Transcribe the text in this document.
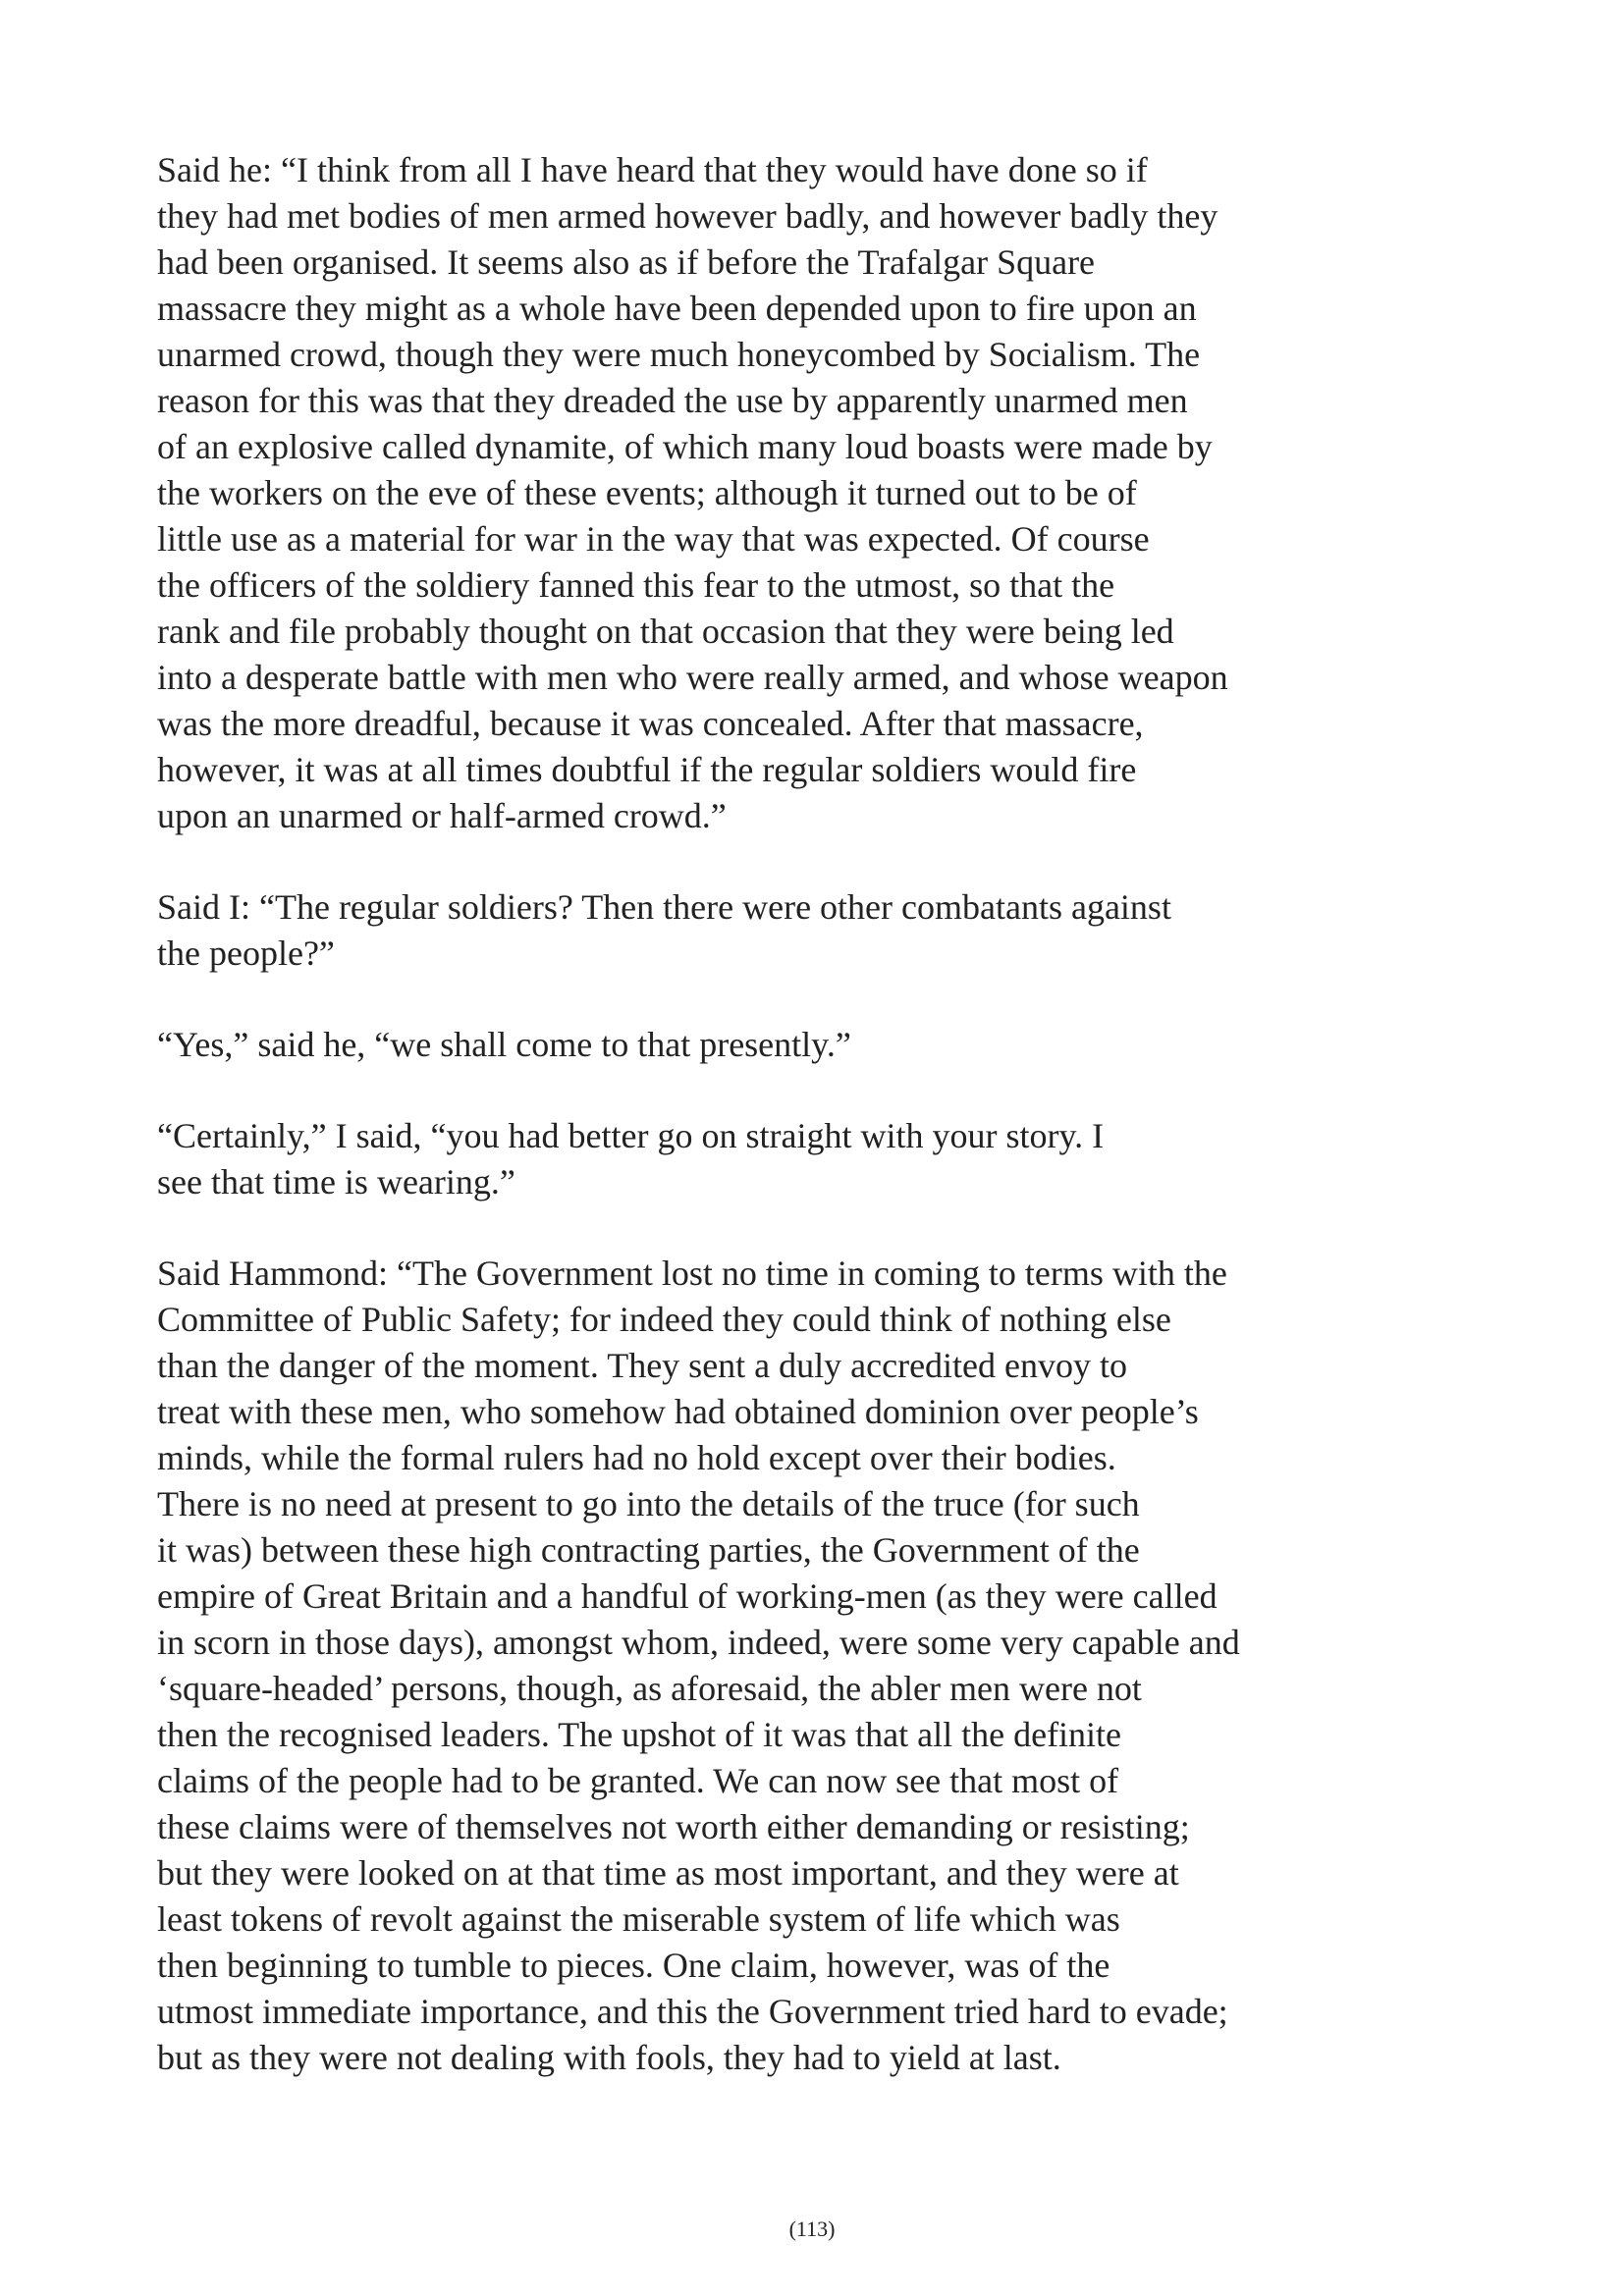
Said he: “I think from all I have heard that they would have done so if
they had met bodies of men armed however badly, and however badly they
had been organised. It seems also as if before the Trafalgar Square
massacre they might as a whole have been depended upon to fire upon an
unarmed crowd, though they were much honeycombed by Socialism. The
reason for this was that they dreaded the use by apparently unarmed men
of an explosive called dynamite, of which many loud boasts were made by
the workers on the eve of these events; although it turned out to be of
little use as a material for war in the way that was expected. Of course
the officers of the soldiery fanned this fear to the utmost, so that the
rank and file probably thought on that occasion that they were being led
into a desperate battle with men who were really armed, and whose weapon
was the more dreadful, because it was concealed. After that massacre,
however, it was at all times doubtful if the regular soldiers would fire
upon an unarmed or half-armed crowd.”

Said I: “The regular soldiers? Then there were other combatants against
the people?”

“Yes,” said he, “we shall come to that presently.”

“Certainly,” I said, “you had better go on straight with your story. I
see that time is wearing.”

Said Hammond: “The Government lost no time in coming to terms with the
Committee of Public Safety; for indeed they could think of nothing else
than the danger of the moment. They sent a duly accredited envoy to
treat with these men, who somehow had obtained dominion over people’s
minds, while the formal rulers had no hold except over their bodies.
There is no need at present to go into the details of the truce (for such
it was) between these high contracting parties, the Government of the
empire of Great Britain and a handful of working-men (as they were called
in scorn in those days), amongst whom, indeed, were some very capable and
‘square-headed’ persons, though, as aforesaid, the abler men were not
then the recognised leaders. The upshot of it was that all the definite
claims of the people had to be granted. We can now see that most of
these claims were of themselves not worth either demanding or resisting;
but they were looked on at that time as most important, and they were at
least tokens of revolt against the miserable system of life which was
then beginning to tumble to pieces. One claim, however, was of the
utmost immediate importance, and this the Government tried hard to evade;
but as they were not dealing with fools, they had to yield at last.

(113)
